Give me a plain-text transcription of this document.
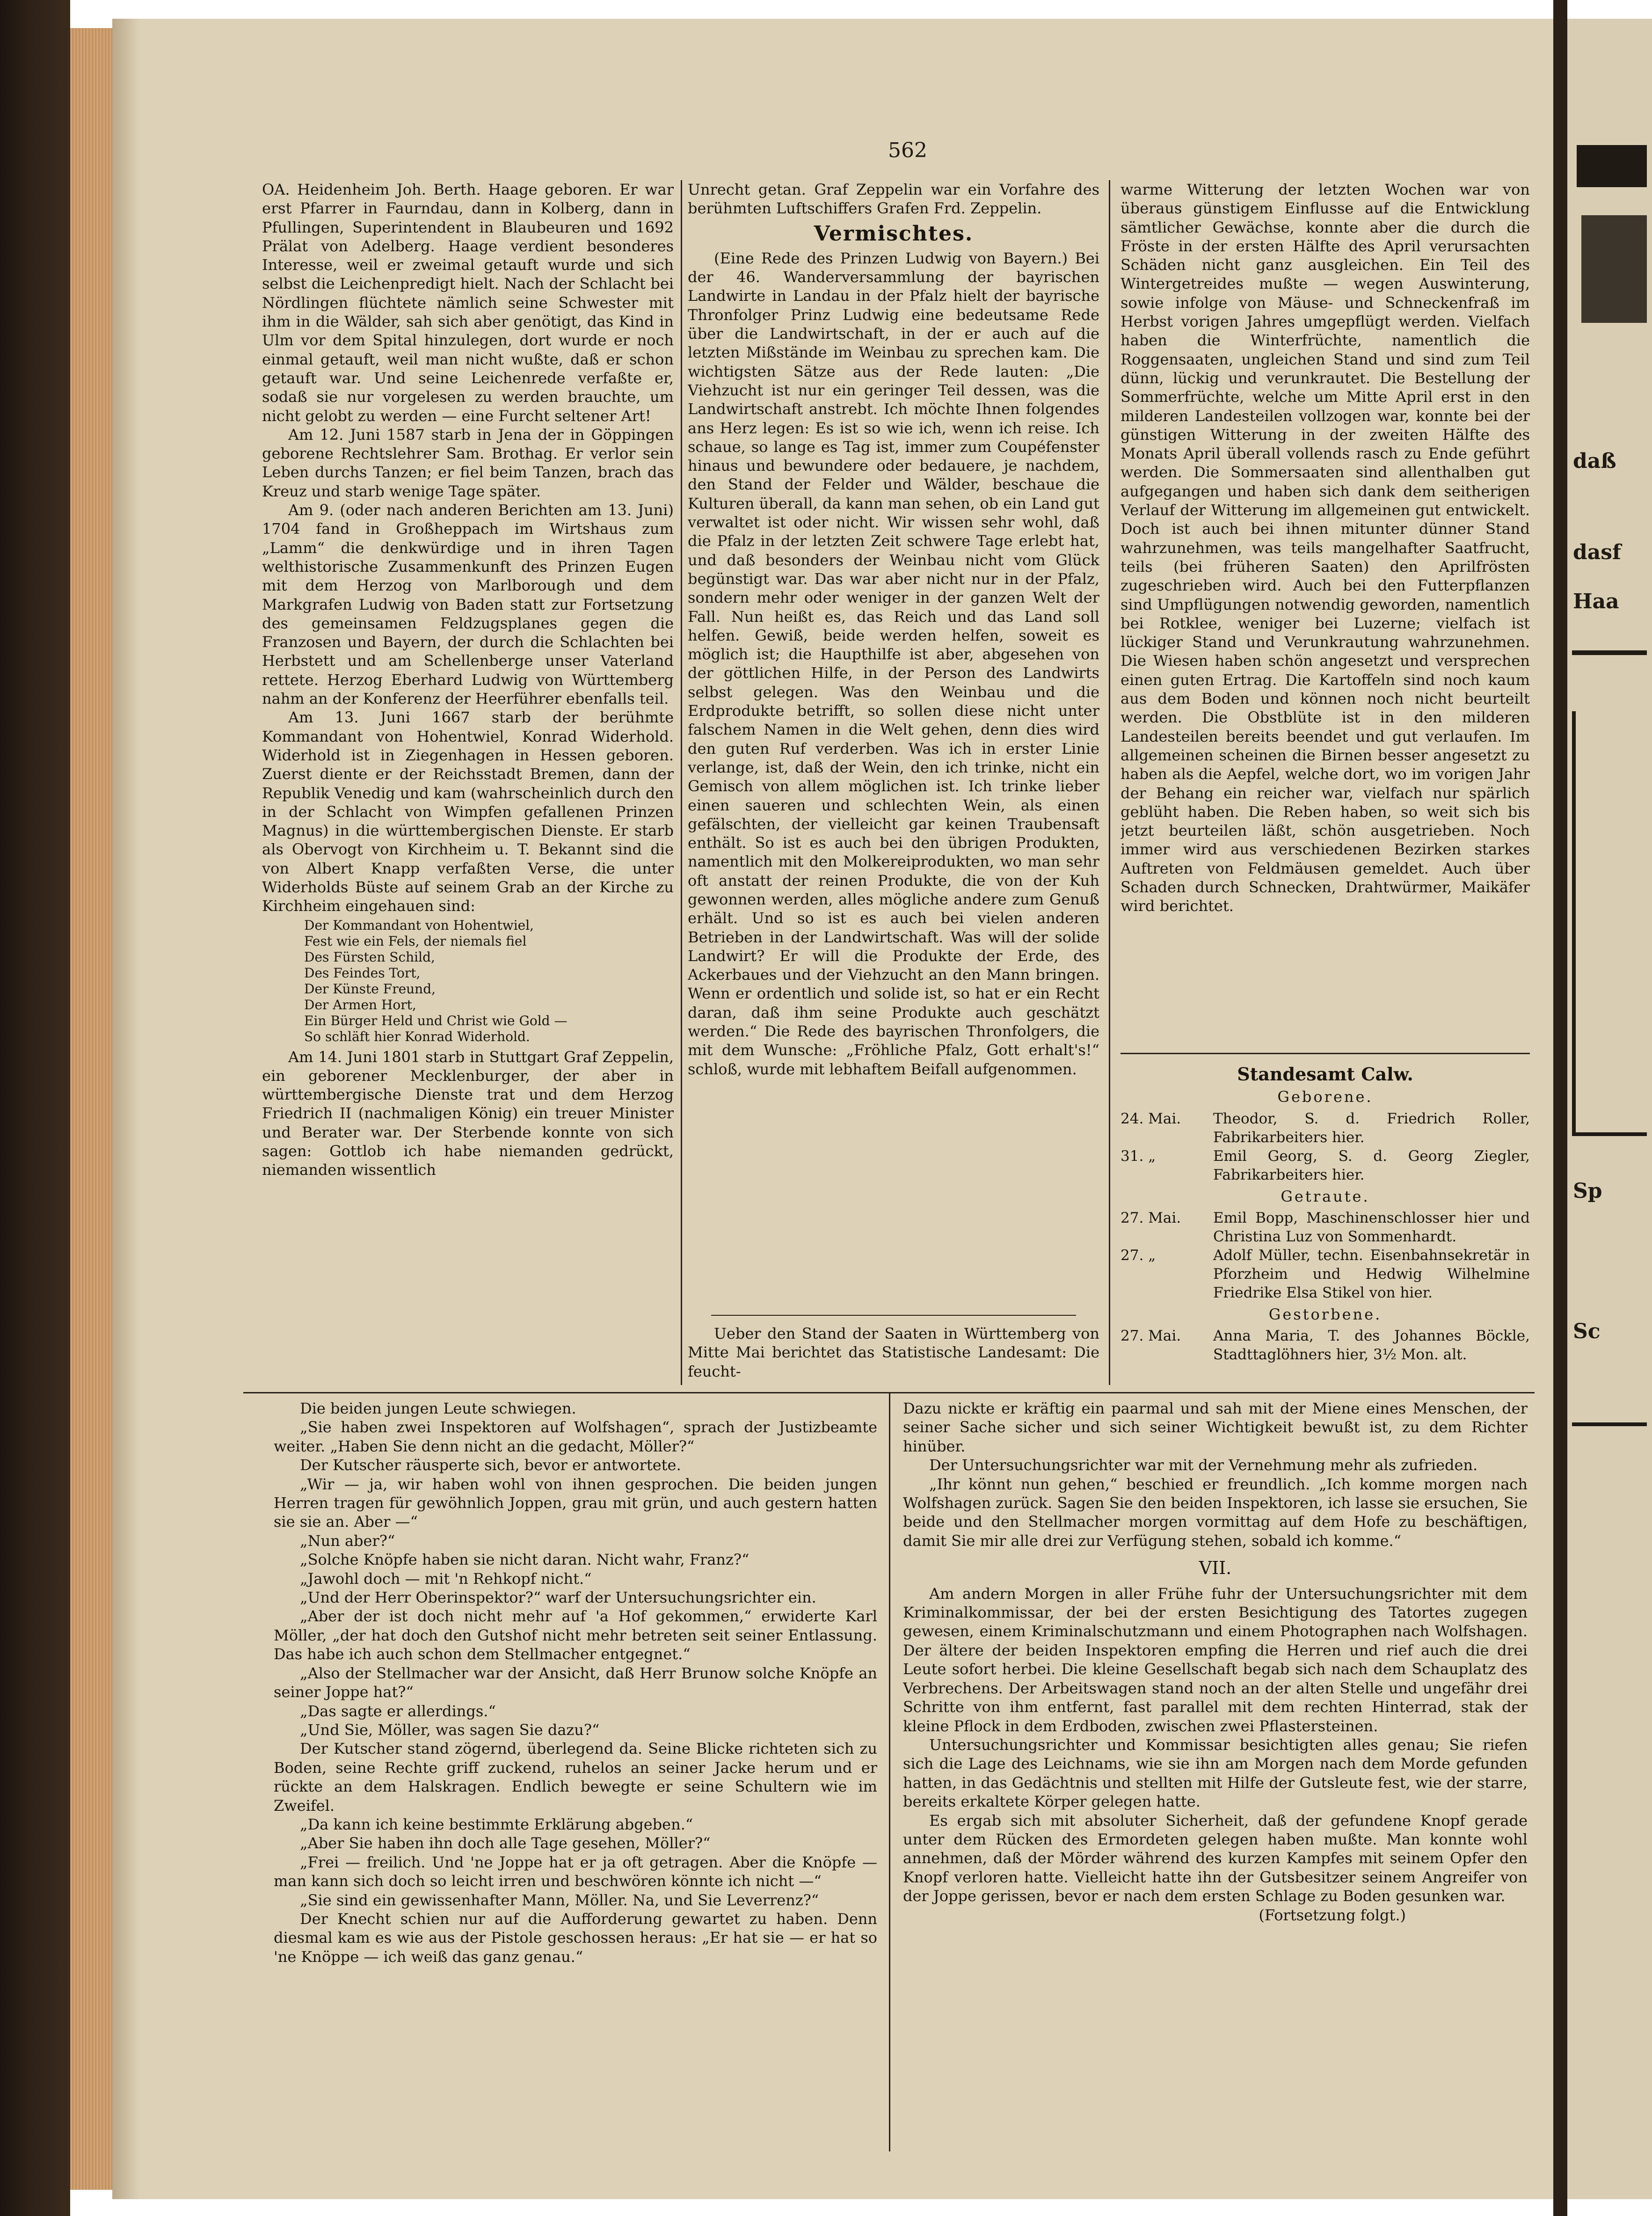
daß
dasf
Haa
Sp
Sc
562

OA. Heidenheim Joh. Berth. Haage geboren. Er war erst Pfarrer in Faurndau, dann in Kolberg, dann in Pfullingen, Superintendent in Blaubeuren und 1692 Prälat von Adelberg. Haage verdient besonderes Interesse, weil er zweimal getauft wurde und sich selbst die Leichenpredigt hielt. Nach der Schlacht bei Nördlingen flüchtete nämlich seine Schwester mit ihm in die Wälder, sah sich aber genötigt, das Kind in Ulm vor dem Spital hinzulegen, dort wurde er noch einmal getauft, weil man nicht wußte, daß er schon getauft war. Und seine Leichenrede verfaßte er, sodaß sie nur vorgelesen zu werden brauchte, um nicht gelobt zu werden — eine Furcht seltener Art!

Am 12. Juni 1587 starb in Jena der in Göppingen geborene Rechtslehrer Sam. Brothag. Er verlor sein Leben durchs Tanzen; er fiel beim Tanzen, brach das Kreuz und starb wenige Tage später.

Am 9. (oder nach anderen Berichten am 13. Juni) 1704 fand in Großheppach im Wirtshaus zum „Lamm“ die denkwürdige und in ihren Tagen welthistorische Zusammenkunft des Prinzen Eugen mit dem Herzog von Marlborough und dem Markgrafen Ludwig von Baden statt zur Fortsetzung des gemeinsamen Feldzugsplanes gegen die Franzosen und Bayern, der durch die Schlachten bei Herbstett und am Schellenberge unser Vaterland rettete. Herzog Eberhard Ludwig von Württemberg nahm an der Konferenz der Heerführer ebenfalls teil.

Am 13. Juni 1667 starb der berühmte Kommandant von Hohentwiel, Konrad Widerhold. Widerhold ist in Ziegenhagen in Hessen geboren. Zuerst diente er der Reichsstadt Bremen, dann der Republik Venedig und kam (wahrscheinlich durch den in der Schlacht von Wimpfen gefallenen Prinzen Magnus) in die württembergischen Dienste. Er starb als Obervogt von Kirchheim u. T. Bekannt sind die von Albert Knapp verfaßten Verse, die unter Widerholds Büste auf seinem Grab an der Kirche zu Kirchheim eingehauen sind:

Der Kommandant von Hohentwiel,
Fest wie ein Fels, der niemals fiel
Des Fürsten Schild,
Des Feindes Tort,
Der Künste Freund,
Der Armen Hort,
Ein Bürger Held und Christ wie Gold —
So schläft hier Konrad Widerhold.

Am 14. Juni 1801 starb in Stuttgart Graf Zeppelin, ein geborener Mecklenburger, der aber in württembergische Dienste trat und dem Herzog Friedrich II (nachmaligen König) ein treuer Minister und Berater war. Der Sterbende konnte von sich sagen: Gottlob ich habe niemanden gedrückt, niemanden wissentlich

Unrecht getan. Graf Zeppelin war ein Vorfahre des berühmten Luftschiffers Grafen Frd. Zeppelin.

Vermischtes.

(Eine Rede des Prinzen Ludwig von Bayern.) Bei der 46. Wanderversammlung der bayrischen Landwirte in Landau in der Pfalz hielt der bayrische Thronfolger Prinz Ludwig eine bedeutsame Rede über die Landwirtschaft, in der er auch auf die letzten Mißstände im Weinbau zu sprechen kam. Die wichtigsten Sätze aus der Rede lauten: „Die Viehzucht ist nur ein geringer Teil dessen, was die Landwirtschaft anstrebt. Ich möchte Ihnen folgendes ans Herz legen: Es ist so wie ich, wenn ich reise. Ich schaue, so lange es Tag ist, immer zum Coupéfenster hinaus und bewundere oder bedauere, je nachdem, den Stand der Felder und Wälder, beschaue die Kulturen überall, da kann man sehen, ob ein Land gut verwaltet ist oder nicht. Wir wissen sehr wohl, daß die Pfalz in der letzten Zeit schwere Tage erlebt hat, und daß besonders der Weinbau nicht vom Glück begünstigt war. Das war aber nicht nur in der Pfalz, sondern mehr oder weniger in der ganzen Welt der Fall. Nun heißt es, das Reich und das Land soll helfen. Gewiß, beide werden helfen, soweit es möglich ist; die Haupthilfe ist aber, abgesehen von der göttlichen Hilfe, in der Person des Landwirts selbst gelegen. Was den Weinbau und die Erdprodukte betrifft, so sollen diese nicht unter falschem Namen in die Welt gehen, denn dies wird den guten Ruf verderben. Was ich in erster Linie verlange, ist, daß der Wein, den ich trinke, nicht ein Gemisch von allem möglichen ist. Ich trinke lieber einen saueren und schlechten Wein, als einen gefälschten, der vielleicht gar keinen Traubensaft enthält. So ist es auch bei den übrigen Produkten, namentlich mit den Molkereiprodukten, wo man sehr oft anstatt der reinen Produkte, die von der Kuh gewonnen werden, alles mögliche andere zum Genuß erhält. Und so ist es auch bei vielen anderen Betrieben in der Landwirtschaft. Was will der solide Landwirt? Er will die Produkte der Erde, des Ackerbaues und der Viehzucht an den Mann bringen. Wenn er ordentlich und solide ist, so hat er ein Recht daran, daß ihm seine Produkte auch geschätzt werden.“ Die Rede des bayrischen Thronfolgers, die mit dem Wunsche: „Fröhliche Pfalz, Gott erhalt's!“ schloß, wurde mit lebhaftem Beifall aufgenommen.

Ueber den Stand der Saaten in Württemberg von Mitte Mai berichtet das Statistische Landesamt: Die feucht-

warme Witterung der letzten Wochen war von überaus günstigem Einflusse auf die Entwicklung sämtlicher Gewächse, konnte aber die durch die Fröste in der ersten Hälfte des April verursachten Schäden nicht ganz ausgleichen. Ein Teil des Wintergetreides mußte — wegen Auswinterung, sowie infolge von Mäuse- und Schneckenfraß im Herbst vorigen Jahres umgepflügt werden. Vielfach haben die Winterfrüchte, namentlich die Roggensaaten, ungleichen Stand und sind zum Teil dünn, lückig und verunkrautet. Die Bestellung der Sommerfrüchte, welche um Mitte April erst in den milderen Landesteilen vollzogen war, konnte bei der günstigen Witterung in der zweiten Hälfte des Monats April überall vollends rasch zu Ende geführt werden. Die Sommersaaten sind allenthalben gut aufgegangen und haben sich dank dem seitherigen Verlauf der Witterung im allgemeinen gut entwickelt. Doch ist auch bei ihnen mitunter dünner Stand wahrzunehmen, was teils mangelhafter Saatfrucht, teils (bei früheren Saaten) den Aprilfrösten zugeschrieben wird. Auch bei den Futterpflanzen sind Umpflügungen notwendig geworden, namentlich bei Rotklee, weniger bei Luzerne; vielfach ist lückiger Stand und Verunkrautung wahrzunehmen. Die Wiesen haben schön angesetzt und versprechen einen guten Ertrag. Die Kartoffeln sind noch kaum aus dem Boden und können noch nicht beurteilt werden. Die Obstblüte ist in den milderen Landesteilen bereits beendet und gut verlaufen. Im allgemeinen scheinen die Birnen besser angesetzt zu haben als die Aepfel, welche dort, wo im vorigen Jahr der Behang ein reicher war, vielfach nur spärlich geblüht haben. Die Reben haben, so weit sich bis jetzt beurteilen läßt, schön ausgetrieben. Noch immer wird aus verschiedenen Bezirken starkes Auftreten von Feldmäusen gemeldet. Auch über Schaden durch Schnecken, Drahtwürmer, Maikäfer wird berichtet.

Standesamt Calw.
Geborene.
24. Mai.	Theodor, S. d. Friedrich Roller, Fabrikarbeiters hier.
31. „	Emil Georg, S. d. Georg Ziegler, Fabrikarbeiters hier.
Getraute.
27. Mai.	Emil Bopp, Maschinenschlosser hier und Christina Luz von Sommenhardt.
27. „	Adolf Müller, techn. Eisenbahnsekretär in Pforzheim und Hedwig Wilhelmine Friedrike Elsa Stikel von hier.
Gestorbene.
27. Mai.	Anna Maria, T. des Johannes Böckle, Stadttaglöhners hier, 3½ Mon. alt.

Die beiden jungen Leute schwiegen.

„Sie haben zwei Inspektoren auf Wolfshagen“, sprach der Justizbeamte weiter. „Haben Sie denn nicht an die gedacht, Möller?“

Der Kutscher räusperte sich, bevor er antwortete.

„Wir — ja, wir haben wohl von ihnen gesprochen. Die beiden jungen Herren tragen für gewöhnlich Joppen, grau mit grün, und auch gestern hatten sie sie an. Aber —“

„Nun aber?“

„Solche Knöpfe haben sie nicht daran. Nicht wahr, Franz?“

„Jawohl doch — mit 'n Rehkopf nicht.“

„Und der Herr Oberinspektor?“ warf der Untersuchungsrichter ein.

„Aber der ist doch nicht mehr auf 'a Hof gekommen,“ erwiderte Karl Möller, „der hat doch den Gutshof nicht mehr betreten seit seiner Entlassung. Das habe ich auch schon dem Stellmacher entgegnet.“

„Also der Stellmacher war der Ansicht, daß Herr Brunow solche Knöpfe an seiner Joppe hat?“

„Das sagte er allerdings.“

„Und Sie, Möller, was sagen Sie dazu?“

Der Kutscher stand zögernd, überlegend da. Seine Blicke richteten sich zu Boden, seine Rechte griff zuckend, ruhelos an seiner Jacke herum und er rückte an dem Halskragen. Endlich bewegte er seine Schultern wie im Zweifel.

„Da kann ich keine bestimmte Erklärung abgeben.“

„Aber Sie haben ihn doch alle Tage gesehen, Möller?“

„Frei — freilich. Und 'ne Joppe hat er ja oft getragen. Aber die Knöpfe — man kann sich doch so leicht irren und beschwören könnte ich nicht —“

„Sie sind ein gewissenhafter Mann, Möller. Na, und Sie Leverrenz?“

Der Knecht schien nur auf die Aufforderung gewartet zu haben. Denn diesmal kam es wie aus der Pistole geschossen heraus: „Er hat sie — er hat so 'ne Knöppe — ich weiß das ganz genau.“

Dazu nickte er kräftig ein paarmal und sah mit der Miene eines Menschen, der seiner Sache sicher und sich seiner Wichtigkeit bewußt ist, zu dem Richter hinüber.

Der Untersuchungsrichter war mit der Vernehmung mehr als zufrieden.

„Ihr könnt nun gehen,“ beschied er freundlich. „Ich komme morgen nach Wolfshagen zurück. Sagen Sie den beiden Inspektoren, ich lasse sie ersuchen, Sie beide und den Stellmacher morgen vormittag auf dem Hofe zu beschäftigen, damit Sie mir alle drei zur Verfügung stehen, sobald ich komme.“

VII.

Am andern Morgen in aller Frühe fuhr der Untersuchungsrichter mit dem Kriminalkommissar, der bei der ersten Besichtigung des Tatortes zugegen gewesen, einem Kriminalschutzmann und einem Photographen nach Wolfshagen. Der ältere der beiden Inspektoren empfing die Herren und rief auch die drei Leute sofort herbei. Die kleine Gesellschaft begab sich nach dem Schauplatz des Verbrechens. Der Arbeitswagen stand noch an der alten Stelle und ungefähr drei Schritte von ihm entfernt, fast parallel mit dem rechten Hinterrad, stak der kleine Pflock in dem Erdboden, zwischen zwei Pflastersteinen.

Untersuchungsrichter und Kommissar besichtigten alles genau; Sie riefen sich die Lage des Leichnams, wie sie ihn am Morgen nach dem Morde gefunden hatten, in das Gedächtnis und stellten mit Hilfe der Gutsleute fest, wie der starre, bereits erkaltete Körper gelegen hatte.

Es ergab sich mit absoluter Sicherheit, daß der gefundene Knopf gerade unter dem Rücken des Ermordeten gelegen haben mußte. Man konnte wohl annehmen, daß der Mörder während des kurzen Kampfes mit seinem Opfer den Knopf verloren hatte. Vielleicht hatte ihn der Gutsbesitzer seinem Angreifer von der Joppe gerissen, bevor er nach dem ersten Schlage zu Boden gesunken war.

(Fortsetzung folgt.)
